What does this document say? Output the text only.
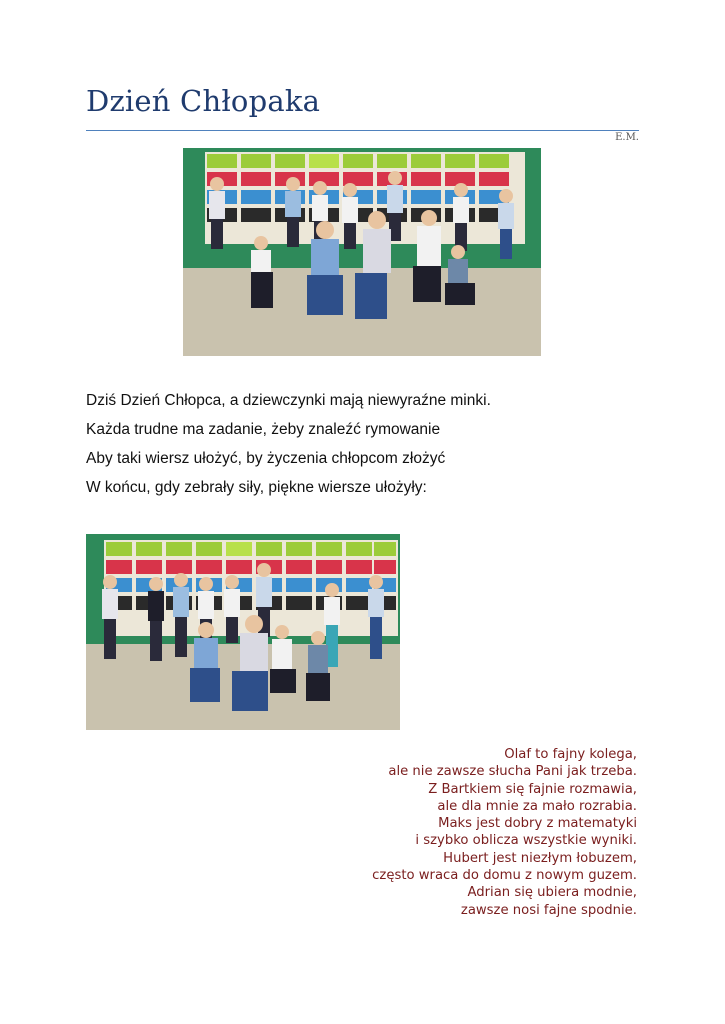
Dzień Chłopaka
E.M.

Dziś Dzień Chłopca, a dziewczynki mają niewyraźne minki.

Każda trudne ma zadanie, żeby znaleźć rymowanie

Aby taki wiersz ułożyć, by życzenia chłopcom złożyć

W końcu, gdy zebrały siły, piękne wiersze ułożyły:

Olaf to fajny kolega,
ale nie zawsze słucha Pani jak trzeba.
Z Bartkiem się fajnie rozmawia,
ale dla mnie za mało rozrabia.
Maks jest dobry z matematyki
i szybko oblicza wszystkie wyniki.
Hubert jest niezłym łobuzem,
często wraca do domu z nowym guzem.
Adrian się ubiera modnie,
zawsze nosi fajne spodnie.
